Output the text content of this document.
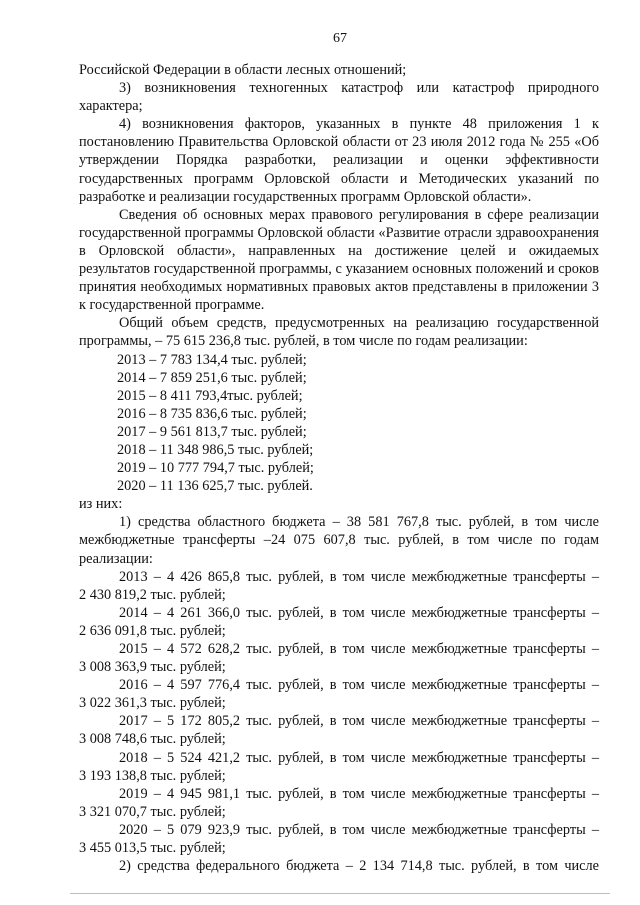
67

Российской Федерации в области лесных отношений;

3) возникновения техногенных катастроф или катастроф природного характера;

4) возникновения факторов, указанных в пункте 48 приложения 1 к постановлению Правительства Орловской области от 23 июля 2012 года № 255 «Об утверждении Порядка разработки, реализации и оценки эффективности государственных программ Орловской области и Методических указаний по разработке и реализации государственных программ Орловской области».

Сведения об основных мерах правового регулирования в сфере реализации государственной программы Орловской области «Развитие отрасли здравоохранения в Орловской области», направленных на достижение целей и ожидаемых результатов государственной программы, с указанием основных положений и сроков принятия необходимых нормативных правовых актов представлены в приложении 3 к государственной программе.

Общий объем средств, предусмотренных на реализацию государственной программы, – 75 615 236,8 тыс. рублей, в том числе по годам реализации:

2013 – 7 783 134,4 тыс. рублей;

2014 – 7 859 251,6 тыс. рублей;

2015 – 8 411 793,4тыс. рублей;

2016 – 8 735 836,6 тыс. рублей;

2017 – 9 561 813,7 тыс. рублей;

2018 – 11 348 986,5 тыс. рублей;

2019 – 10 777 794,7 тыс. рублей;

2020 – 11 136 625,7 тыс. рублей.

из них:

1) средства областного бюджета – 38 581 767,8 тыс. рублей, в том числе межбюджетные трансферты –24 075 607,8 тыс. рублей, в том числе по годам реализации:

2013 – 4 426 865,8 тыс. рублей, в том числе межбюджетные трансферты –

2 430 819,2 тыс. рублей;

2014 – 4 261 366,0 тыс. рублей, в том числе межбюджетные трансферты –

2 636 091,8 тыс. рублей;

2015 – 4 572 628,2 тыс. рублей, в том числе межбюджетные трансферты –

3 008 363,9 тыс. рублей;

2016 – 4 597 776,4 тыс. рублей, в том числе межбюджетные трансферты –

3 022 361,3 тыс. рублей;

2017 – 5 172 805,2 тыс. рублей, в том числе межбюджетные трансферты –

3 008 748,6 тыс. рублей;

2018 – 5 524 421,2 тыс. рублей, в том числе межбюджетные трансферты –

3 193 138,8 тыс. рублей;

2019 – 4 945 981,1 тыс. рублей, в том числе межбюджетные трансферты –

3 321 070,7 тыс. рублей;

2020 – 5 079 923,9 тыс. рублей, в том числе межбюджетные трансферты –

3 455 013,5 тыс. рублей;

2) средства федерального бюджета – 2 134 714,8 тыс. рублей, в том числе
